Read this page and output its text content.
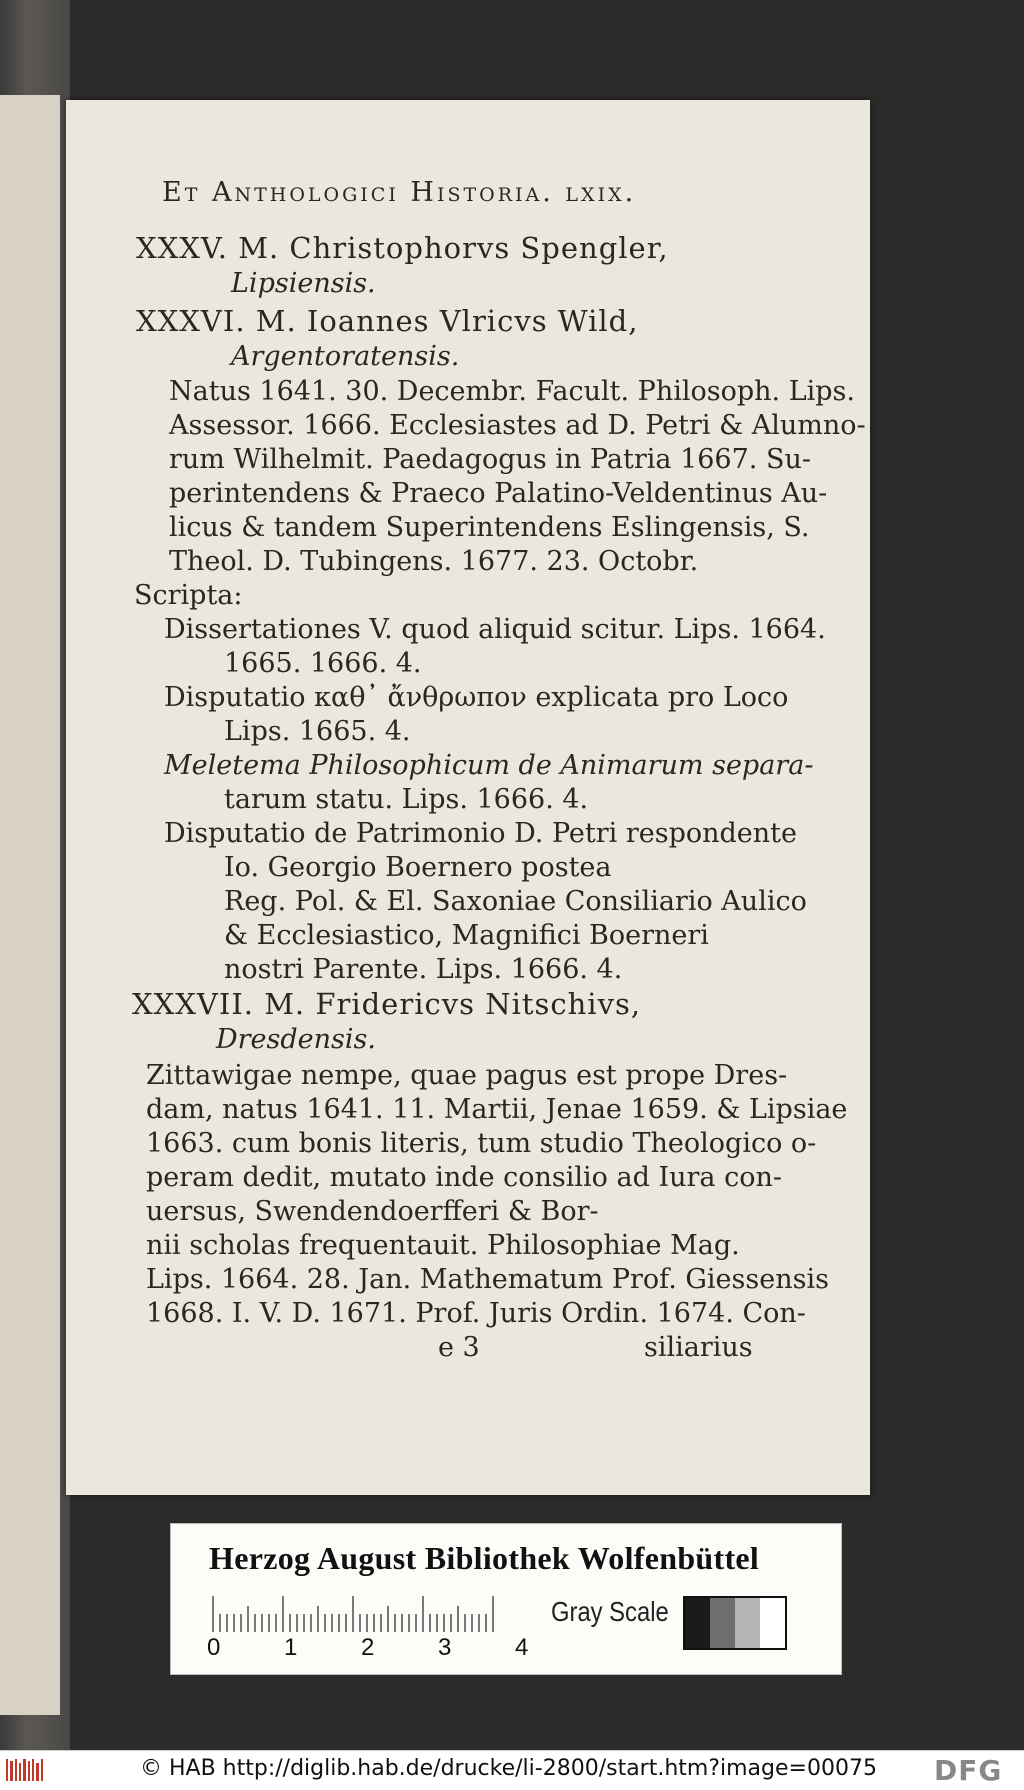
Et Anthologici Historia. lxix.
XXXV. M. Christophorvs Spengler,
Lipsiensis.
XXXVI. M. Ioannes Vlricvs Wild,
Argentoratensis.
Natus 1641. 30. Decembr. Facult. Philosoph. Lips.
Assessor. 1666. Ecclesiastes ad D. Petri & Alumno-
rum Wilhelmit. Paedagogus in Patria 1667. Su-
perintendens & Praeco Palatino-Veldentinus Au-
licus & tandem Superintendens Eslingensis, S.
Theol. D. Tubingens. 1677. 23. Octobr.
Scripta:
Dissertationes V. quod aliquid scitur. Lips. 1664.
1665. 1666. 4.
Disputatio καθ᾽ ἄνθρωπον explicata pro Loco
Lips. 1665. 4.
Meletema Philosophicum de Animarum separa-
tarum statu. Lips. 1666. 4.
Disputatio de Patrimonio D. Petri respondente
Io. Georgio Boernero postea
Reg. Pol. & El. Saxoniae Consiliario Aulico
& Ecclesiastico, Magnifici Boerneri
nostri Parente. Lips. 1666. 4.
XXXVII. M. Fridericvs Nitschivs,
Dresdensis.
Zittawigae nempe, quae pagus est prope Dres-
dam, natus 1641. 11. Martii, Jenae 1659. & Lipsiae
1663. cum bonis literis, tum studio Theologico o-
peram dedit, mutato inde consilio ad Iura con-
uersus, Swendendoerfferi & Bor-
nii scholas frequentauit. Philosophiae Mag.
Lips. 1664. 28. Jan. Mathematum Prof. Giessensis
1668. I. V. D. 1671. Prof. Juris Ordin. 1674. Con-
e 3	siliarius
Herzog August Bibliothek Wolfenbüttel
0	1	2	3	4
Gray Scale
© HAB http://diglib.hab.de/drucke/li-2800/start.htm?image=00075 DFG
